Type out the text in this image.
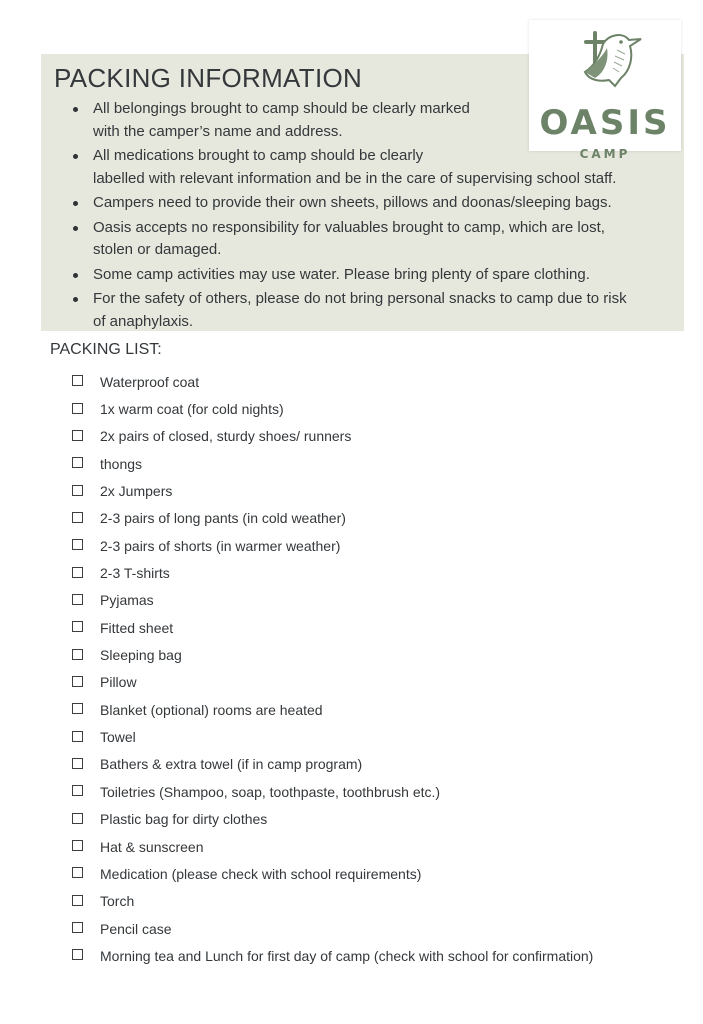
PACKING INFORMATION
All belongings brought to camp should be clearly marked
with the camper’s name and address.
All medications brought to camp should be clearly
labelled with relevant information and be in the care of supervising school staff.
Campers need to provide their own sheets, pillows and doonas/sleeping bags.
Oasis accepts no responsibility for valuables brought to camp, which are lost,
stolen or damaged.
Some camp activities may use water. Please bring plenty of spare clothing.
For the safety of others, please do not bring personal snacks to camp due to risk
of anaphylaxis.
OASIS
CAMP
PACKING LIST:
Waterproof coat
1x warm coat (for cold nights)
2x pairs of closed, sturdy shoes/ runners
thongs
2x Jumpers
2-3 pairs of long pants (in cold weather)
2-3 pairs of shorts (in warmer weather)
2-3 T-shirts
Pyjamas
Fitted sheet
Sleeping bag
Pillow
Blanket (optional) rooms are heated
Towel
Bathers & extra towel (if in camp program)
Toiletries (Shampoo, soap, toothpaste, toothbrush etc.)
Plastic bag for dirty clothes
Hat & sunscreen
Medication (please check with school requirements)
Torch
Pencil case
Morning tea and Lunch for first day of camp (check with school for confirmation)
